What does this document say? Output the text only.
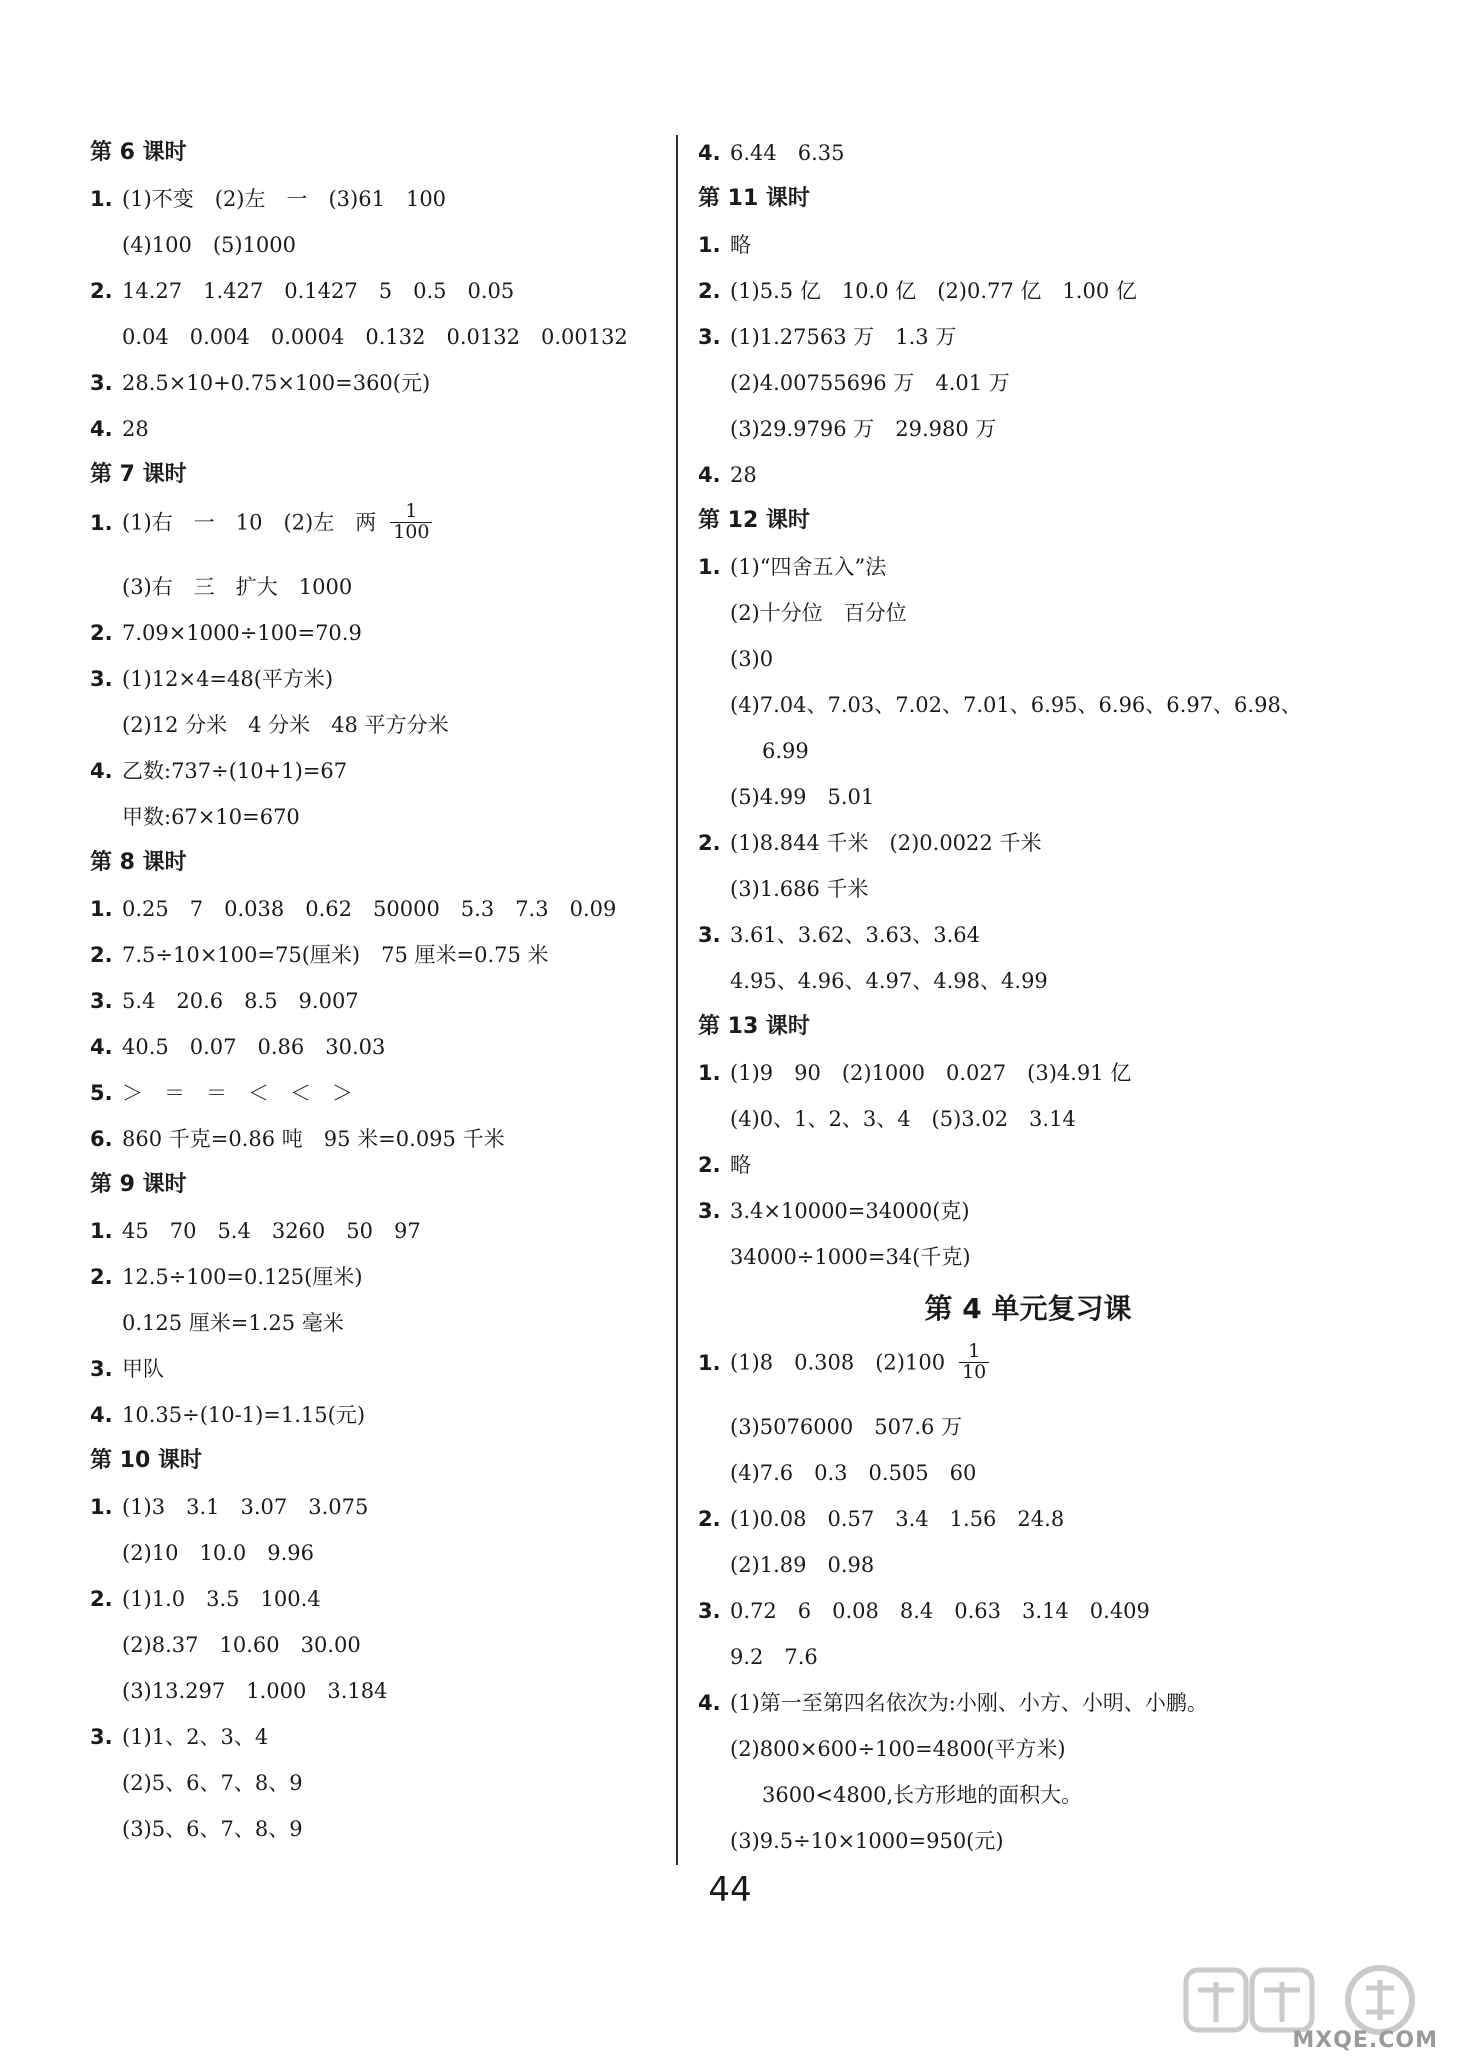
第 6 课时
1. (1)不变　(2)左　一　(3)61　100
(4)100　(5)1000
2. 14.27　1.427　0.1427　5　0.5　0.05
0.04　0.004　0.0004　0.132　0.0132　0.00132
3. 28.5×10+0.75×100=360(元)
4. 28
第 7 课时
1. (1)右　一　10　(2)左　两 $\frac{1}{100}$
(3)右　三　扩大　1000
2. 7.09×1000÷100=70.9
3. (1)12×4=48(平方米)
(2)12 分米　4 分米　48 平方分米
4. 乙数:737÷(10+1)=67
甲数:67×10=670
第 8 课时
1. 0.25　7　0.038　0.62　50000　5.3　7.3　0.09
2. 7.5÷10×100=75(厘米)　75 厘米=0.75 米
3. 5.4　20.6　8.5　9.007
4. 40.5　0.07　0.86　30.03
5. ＞　＝　＝　＜　＜　＞
6. 860 千克=0.86 吨　95 米=0.095 千米
第 9 课时
1. 45　70　5.4　3260　50　97
2. 12.5÷100=0.125(厘米)
0.125 厘米=1.25 毫米
3. 甲队
4. 10.35÷(10-1)=1.15(元)
第 10 课时
1. (1)3　3.1　3.07　3.075
(2)10　10.0　9.96
2. (1)1.0　3.5　100.4
(2)8.37　10.60　30.00
(3)13.297　1.000　3.184
3. (1)1、2、3、4
(2)5、6、7、8、9
(3)5、6、7、8、9
4. 6.44　6.35
第 11 课时
1. 略
2. (1)5.5 亿　10.0 亿　(2)0.77 亿　1.00 亿
3. (1)1.27563 万　1.3 万
(2)4.00755696 万　4.01 万
(3)29.9796 万　29.980 万
4. 28
第 12 课时
1. (1)“四舍五入”法
(2)十分位　百分位
(3)0
(4)7.04、7.03、7.02、7.01、6.95、6.96、6.97、6.98、
6.99
(5)4.99　5.01
2. (1)8.844 千米　(2)0.0022 千米
(3)1.686 千米
3. 3.61、3.62、3.63、3.64
4.95、4.96、4.97、4.98、4.99
第 13 课时
1. (1)9　90　(2)1000　0.027　(3)4.91 亿
(4)0、1、2、3、4　(5)3.02　3.14
2. 略
3. 3.4×10000=34000(克)
34000÷1000=34(千克)
第 4 单元复习课
1. (1)8　0.308　$(2)100 \frac{1}{10}$
(3)5076000　507.6 万
(4)7.6　0.3　0.505　60
2. (1)0.08　0.57　3.4　1.56　24.8
(2)1.89　0.98
3. 0.72　6　0.08　8.4　0.63　3.14　0.409
9.2　7.6
4. (1)第一至第四名依次为:小刚、小方、小明、小鹏。
(2)800×600÷100=4800(平方米)
3600<4800,长方形地的面积大。
(3)9.5÷10×1000=950(元)
44
MXQE.COM
